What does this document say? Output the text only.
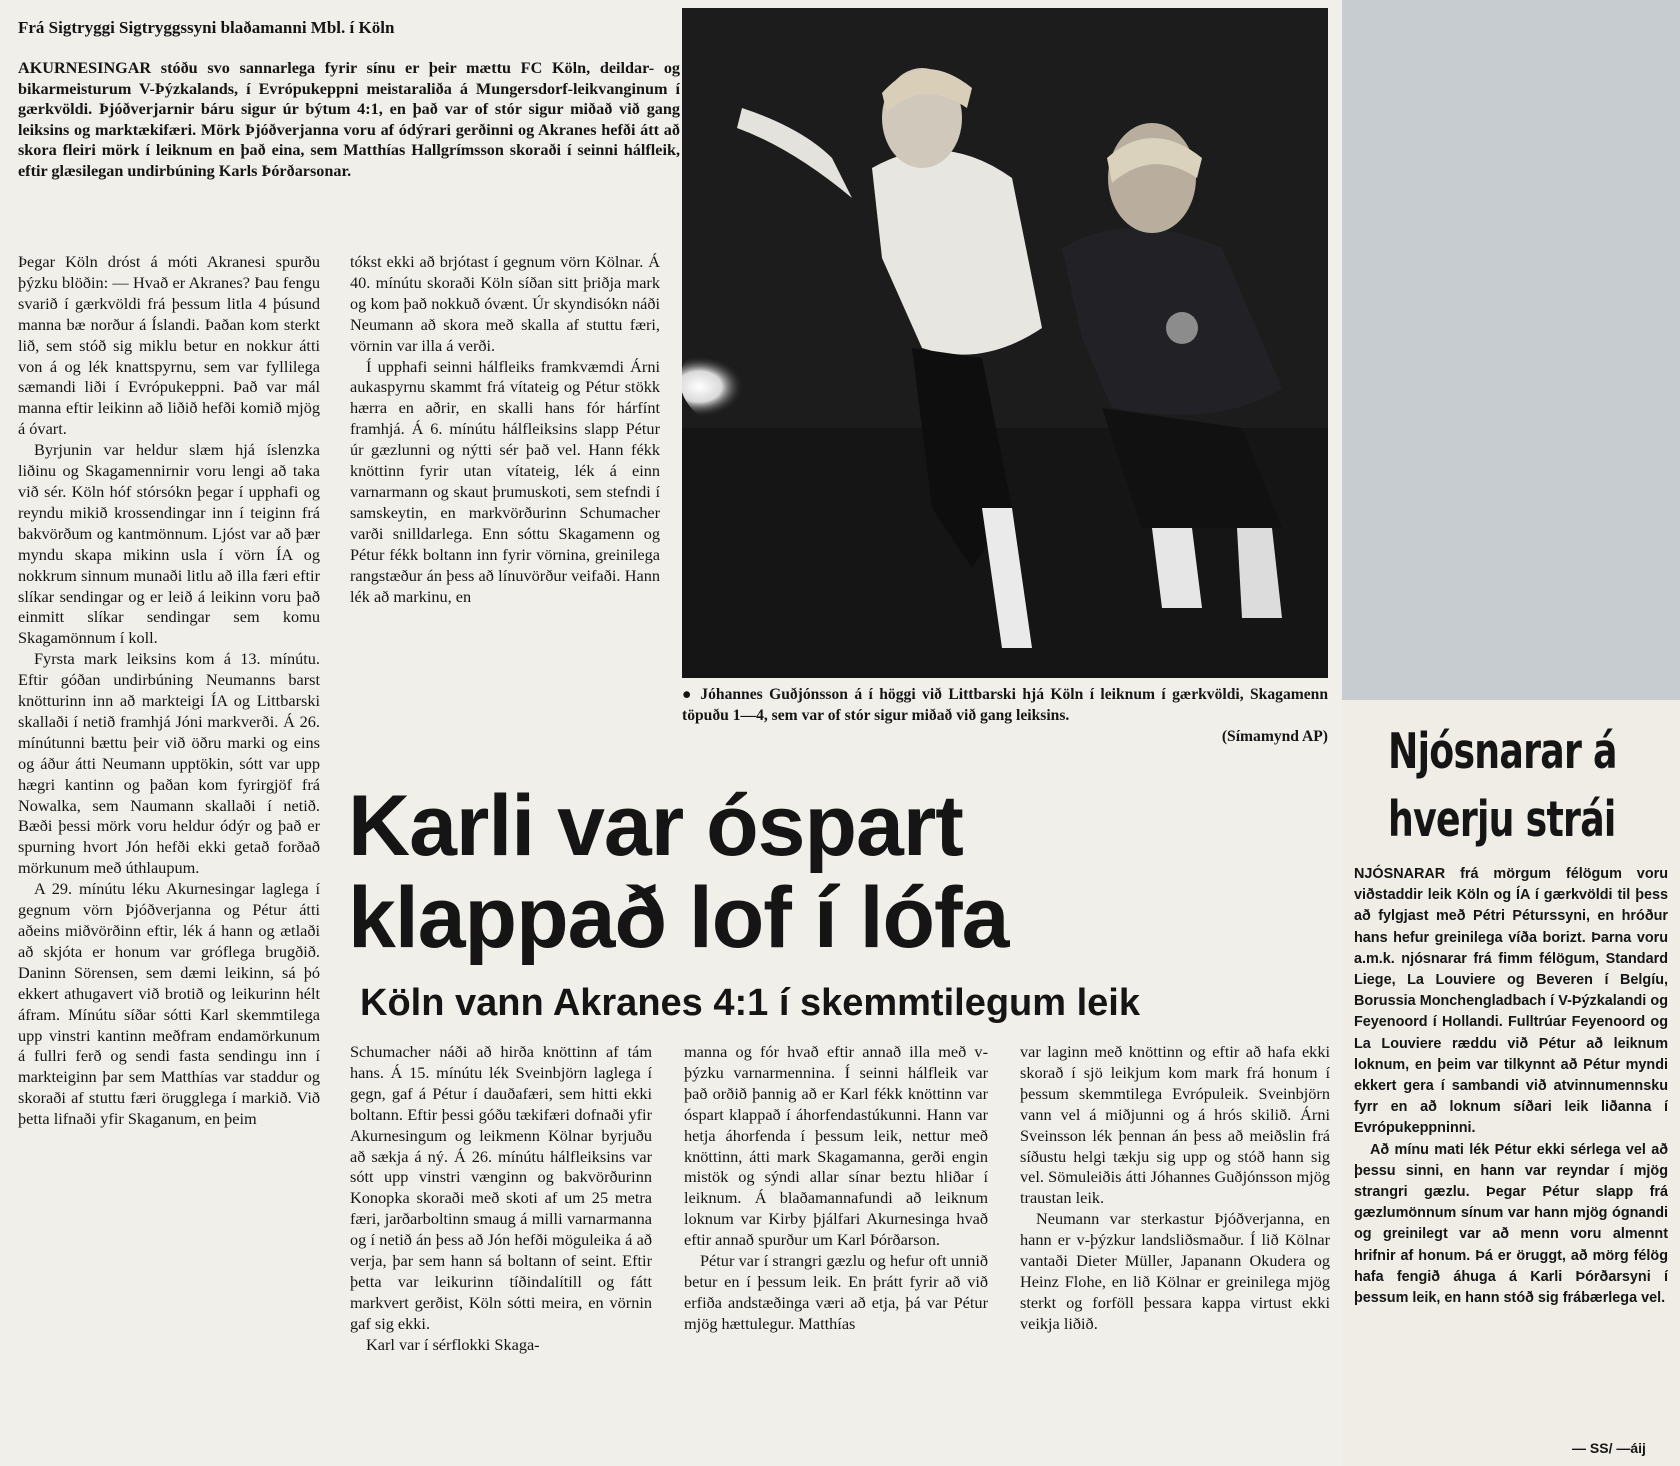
Frá Sigtryggi Sigtryggssyni blaðamanni Mbl. í Köln
AKURNESINGAR stóðu svo sannarlega fyrir sínu er þeir mættu FC Köln, deildar- og bikarmeisturum V-Þýzkalands, í Evrópukeppni meistaraliða á Mungersdorf-leikvanginum í gærkvöldi. Þjóðverjarnir báru sigur úr býtum 4:1, en það var of stór sigur miðað við gang leiksins og marktækifæri. Mörk Þjóðverjanna voru af ódýrari gerðinni og Akranes hefði átt að skora fleiri mörk í leiknum en það eina, sem Matthías Hallgrímsson skoraði í seinni hálfleik, eftir glæsilegan undirbúning Karls Þórðarsonar.

Þegar Köln dróst á móti Akranesi spurðu þýzku blöðin: — Hvað er Akranes? Þau fengu svarið í gærkvöldi frá þessum litla 4 þúsund manna bæ norður á Íslandi. Þaðan kom sterkt lið, sem stóð sig miklu betur en nokkur átti von á og lék knattspyrnu, sem var fyllilega sæmandi liði í Evrópukeppni. Það var mál manna eftir leikinn að liðið hefði komið mjög á óvart.

Byrjunin var heldur slæm hjá íslenzka liðinu og Skagamennirnir voru lengi að taka við sér. Köln hóf stórsókn þegar í upphafi og reyndu mikið krossendingar inn í teiginn frá bakvörðum og kantmönnum. Ljóst var að þær myndu skapa mikinn usla í vörn ÍA og nokkrum sinnum munaði litlu að illa færi eftir slíkar sendingar og er leið á leikinn voru það einmitt slíkar sendingar sem komu Skagamönnum í koll.

Fyrsta mark leiksins kom á 13. mínútu. Eftir góðan undirbúning Neumanns barst knötturinn inn að markteigi ÍA og Littbarski skallaði í netið framhjá Jóni markverði. Á 26. mínútunni bættu þeir við öðru marki og eins og áður átti Neumann upptökin, sótt var upp hægri kantinn og þaðan kom fyrirgjöf frá Nowalka, sem Naumann skallaði í netið. Bæði þessi mörk voru heldur ódýr og það er spurning hvort Jón hefði ekki getað forðað mörkunum með úthlaupum.

A 29. mínútu léku Akurnesingar laglega í gegnum vörn Þjóðverjanna og Pétur átti aðeins miðvörðinn eftir, lék á hann og ætlaði að skjóta er honum var gróflega brugðið. Daninn Sörensen, sem dæmi leikinn, sá þó ekkert athugavert við brotið og leikurinn hélt áfram. Mínútu síðar sótti Karl skemmtilega upp vinstri kantinn meðfram endamörkunum á fullri ferð og sendi fasta sendingu inn í markteiginn þar sem Matthías var staddur og skoraði af stuttu færi örugglega í markið. Við þetta lifnaði yfir Skaganum, en þeim

tókst ekki að brjótast í gegnum vörn Kölnar. Á 40. mínútu skoraði Köln síðan sitt þriðja mark og kom það nokkuð óvænt. Úr skyndisókn náði Neumann að skora með skalla af stuttu færi, vörnin var illa á verði.

Í upphafi seinni hálfleiks framkvæmdi Árni aukaspyrnu skammt frá vítateig og Pétur stökk hærra en aðrir, en skalli hans fór hárfínt framhjá. Á 6. mínútu hálfleiksins slapp Pétur úr gæzlunni og nýtti sér það vel. Hann fékk knöttinn fyrir utan vítateig, lék á einn varnarmann og skaut þrumuskoti, sem stefndi í samskeytin, en markvörðurinn Schumacher varði snilldarlega. Enn sóttu Skagamenn og Pétur fékk boltann inn fyrir vörnina, greinilega rangstæður án þess að línuvörður veifaði. Hann lék að markinu, en

● Jóhannes Guðjónsson á í höggi við Littbarski hjá Köln í leiknum í gærkvöldi, Skagamenn töpuðu 1—4, sem var of stór sigur miðað við gang leiksins.
(Símamynd AP)
Karli var óspart
klappað lof í lófa
Köln vann Akranes 4:1 í skemmtilegum leik

Schumacher náði að hirða knöttinn af tám hans. Á 15. mínútu lék Sveinbjörn laglega í gegn, gaf á Pétur í dauðafæri, sem hitti ekki boltann. Eftir þessi góðu tækifæri dofnaði yfir Akurnesingum og leikmenn Kölnar byrjuðu að sækja á ný. Á 26. mínútu hálfleiksins var sótt upp vinstri vænginn og bakvörðurinn Konopka skoraði með skoti af um 25 metra færi, jarðarboltinn smaug á milli varnarmanna og í netið án þess að Jón hefði möguleika á að verja, þar sem hann sá boltann of seint. Eftir þetta var leikurinn tíðindalítill og fátt markvert gerðist, Köln sótti meira, en vörnin gaf sig ekki.

Karl var í sérflokki Skaga-

manna og fór hvað eftir annað illa með v-þýzku varnarmennina. Í seinni hálfleik var það orðið þannig að er Karl fékk knöttinn var óspart klappað í áhorfendastúkunni. Hann var hetja áhorfenda í þessum leik, nettur með knöttinn, átti mark Skagamanna, gerði engin mistök og sýndi allar sínar beztu hliðar í leiknum. Á blaðamannafundi að leiknum loknum var Kirby þjálfari Akurnesinga hvað eftir annað spurður um Karl Þórðarson.

Pétur var í strangri gæzlu og hefur oft unnið betur en í þessum leik. En þrátt fyrir að við erfiða andstæðinga væri að etja, þá var Pétur mjög hættulegur. Matthías

var laginn með knöttinn og eftir að hafa ekki skorað í sjö leikjum kom mark frá honum í þessum skemmtilega Evrópuleik. Sveinbjörn vann vel á miðjunni og á hrós skilið. Árni Sveinsson lék þennan án þess að meiðslin frá síðustu helgi tækju sig upp og stóð hann sig vel. Sömuleiðis átti Jóhannes Guðjónsson mjög traustan leik.

Neumann var sterkastur Þjóðverjanna, en hann er v-þýzkur landsliðsmaður. Í lið Kölnar vantaði Dieter Müller, Japanann Okudera og Heinz Flohe, en lið Kölnar er greinilega mjög sterkt og forföll þessara kappa virtust ekki veikja liðið.

Njósnarar á
hverju strái

NJÓSNARAR frá mörgum félögum voru viðstaddir leik Köln og ÍA í gærkvöldi til þess að fylgjast með Pétri Péturssyni, en hróður hans hefur greinilega víða borizt. Þarna voru a.m.k. njósnarar frá fimm félögum, Standard Liege, La Louviere og Beveren í Belgíu, Borussia Monchengladbach í V-Þýzkalandi og Feyenoord í Hollandi. Fulltrúar Feyenoord og La Louviere ræddu við Pétur að leiknum loknum, en þeim var tilkynnt að Pétur myndi ekkert gera í sambandi við atvinnumennsku fyrr en að loknum síðari leik liðanna í Evrópukeppninni.

Að mínu mati lék Pétur ekki sérlega vel að þessu sinni, en hann var reyndar í mjög strangri gæzlu. Þegar Pétur slapp frá gæzlumönnum sínum var hann mjög ógnandi og greinilegt var að menn voru almennt hrifnir af honum. Þá er öruggt, að mörg félög hafa fengið áhuga á Karli Þórðarsyni í þessum leik, en hann stóð sig frábærlega vel.

— SS/ —áij
